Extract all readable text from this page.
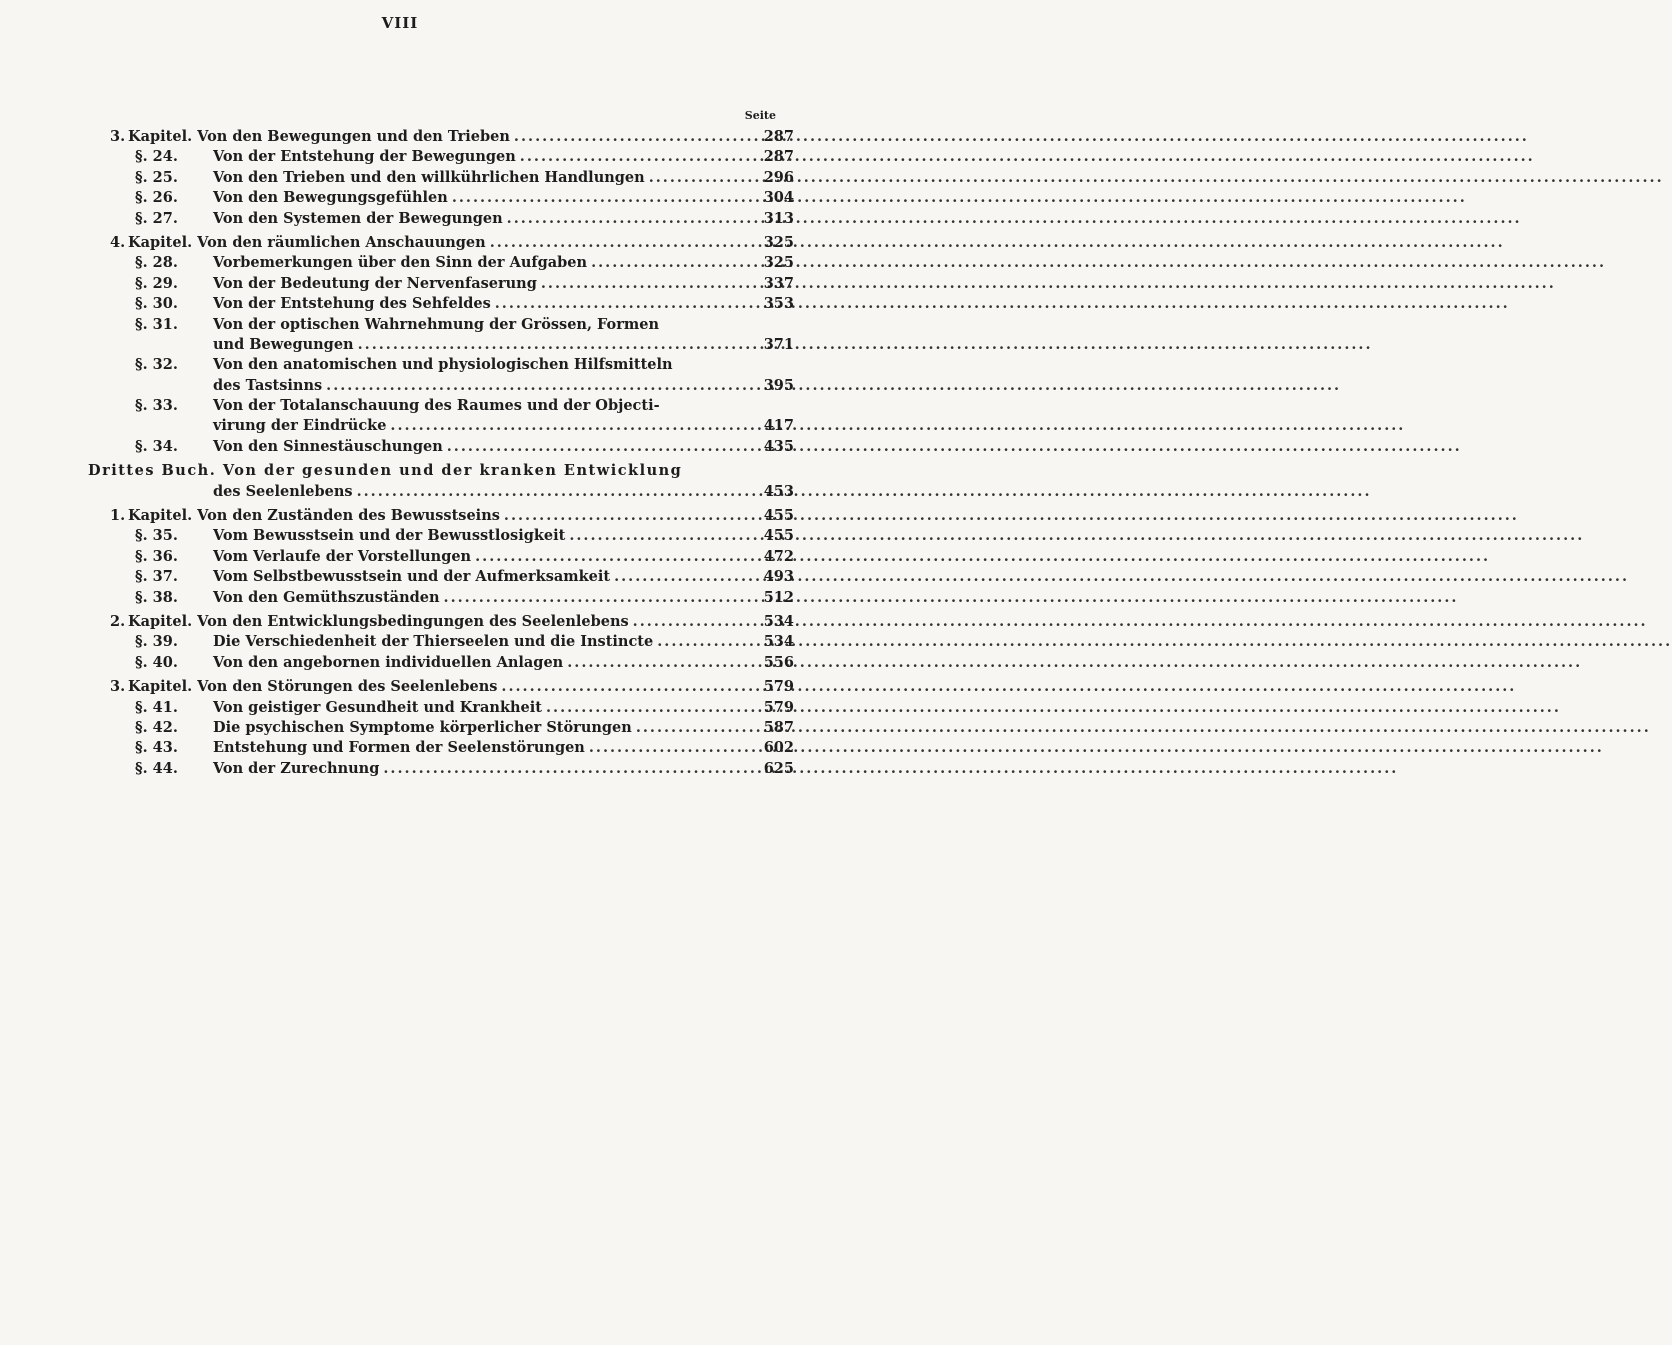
VIII
Seite
3. Kapitel. Von den Bewegungen und den Trieben .....	287
§. 24.	Von der Entstehung der Bewegungen .....	287
§. 25.	Von den Trieben und den willkührlichen Handlungen .....	296
§. 26.	Von den Bewegungsgefühlen .....	304
§. 27.	Von den Systemen der Bewegungen .....	313
4. Kapitel. Von den räumlichen Anschauungen .....	325
§. 28.	Vorbemerkungen über den Sinn der Aufgaben .....	325
§. 29.	Von der Bedeutung der Nervenfaserung .....	337
§. 30.	Von der Entstehung des Sehfeldes .....	353
§. 31.	Von der optischen Wahrnehmung der Grössen, Formen
und Bewegungen .....	371
§. 32.	Von den anatomischen und physiologischen Hilfsmitteln
des Tastsinns .....	395
§. 33.	Von der Totalanschauung des Raumes und der Objecti-
virung der Eindrücke .....	417
§. 34.	Von den Sinnestäuschungen .....	435
Drittes Buch. Von der gesunden und der kranken Entwicklung
des Seelenlebens .....	453
1. Kapitel. Von den Zuständen des Bewusstseins .....	455
§. 35.	Vom Bewusstsein und der Bewusstlosigkeit .....	455
§. 36.	Vom Verlaufe der Vorstellungen .....	472
§. 37.	Vom Selbstbewusstsein und der Aufmerksamkeit .....	493
§. 38.	Von den Gemüthszuständen .....	512
2. Kapitel. Von den Entwicklungsbedingungen des Seelenlebens .....	534
§. 39.	Die Verschiedenheit der Thierseelen und die Instincte .....	534
§. 40.	Von den angebornen individuellen Anlagen .....	556
3. Kapitel. Von den Störungen des Seelenlebens .....	579
§. 41.	Von geistiger Gesundheit und Krankheit .....	579
§. 42.	Die psychischen Symptome körperlicher Störungen .....	587
§. 43.	Entstehung und Formen der Seelenstörungen .....	602
§. 44.	Von der Zurechnung .....	625
